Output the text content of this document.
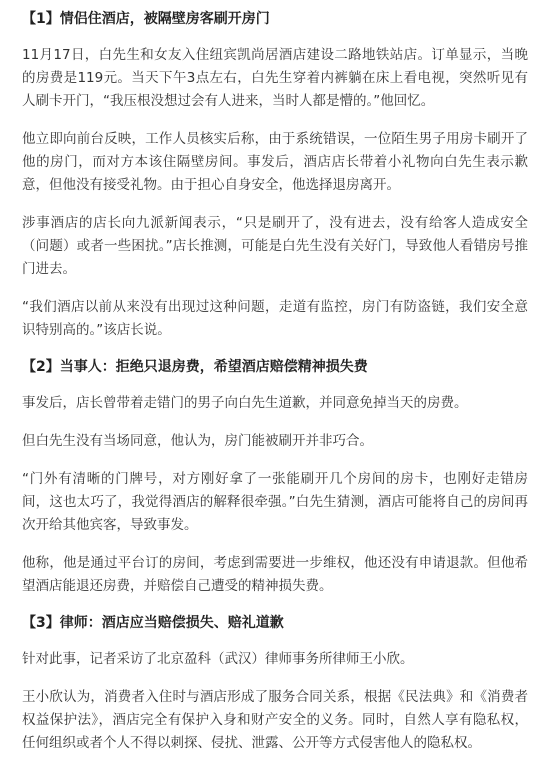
【1】情侣住酒店，被隔壁房客刷开房门

11月17日，白先生和女友入住纽宾凯尚居酒店建设二路地铁站店。订单显示，当晚的房费是119元。当天下午3点左右，白先生穿着内裤躺在床上看电视，突然听见有人刷卡开门，“我压根没想过会有人进来，当时人都是懵的。”他回忆。

他立即向前台反映，工作人员核实后称，由于系统错误，一位陌生男子用房卡刷开了他的房门，而对方本该住隔壁房间。事发后，酒店店长带着小礼物向白先生表示歉意，但他没有接受礼物。由于担心自身安全，他选择退房离开。

涉事酒店的店长向九派新闻表示，“只是刷开了，没有进去，没有给客人造成安全（问题）或者一些困扰。”店长推测，可能是白先生没有关好门，导致他人看错房号推门进去。

“我们酒店以前从来没有出现过这种问题，走道有监控，房门有防盗链，我们安全意识特别高的。”该店长说。

【2】当事人：拒绝只退房费，希望酒店赔偿精神损失费

事发后，店长曾带着走错门的男子向白先生道歉，并同意免掉当天的房费。

但白先生没有当场同意，他认为，房门能被刷开并非巧合。

“门外有清晰的门牌号，对方刚好拿了一张能刷开几个房间的房卡，也刚好走错房间，这也太巧了，我觉得酒店的解释很牵强。”白先生猜测，酒店可能将自己的房间再次开给其他宾客，导致事发。

他称，他是通过平台订的房间，考虑到需要进一步维权，他还没有申请退款。但他希望酒店能退还房费，并赔偿自己遭受的精神损失费。

【3】律师：酒店应当赔偿损失、赔礼道歉

针对此事，记者采访了北京盈科（武汉）律师事务所律师王小欣。

王小欣认为，消费者入住时与酒店形成了服务合同关系，根据《民法典》和《消费者权益保护法》，酒店完全有保护入身和财产安全的义务。同时，自然人享有隐私权，任何组织或者个人不得以刺探、侵扰、泄露、公开等方式侵害他人的隐私权。
